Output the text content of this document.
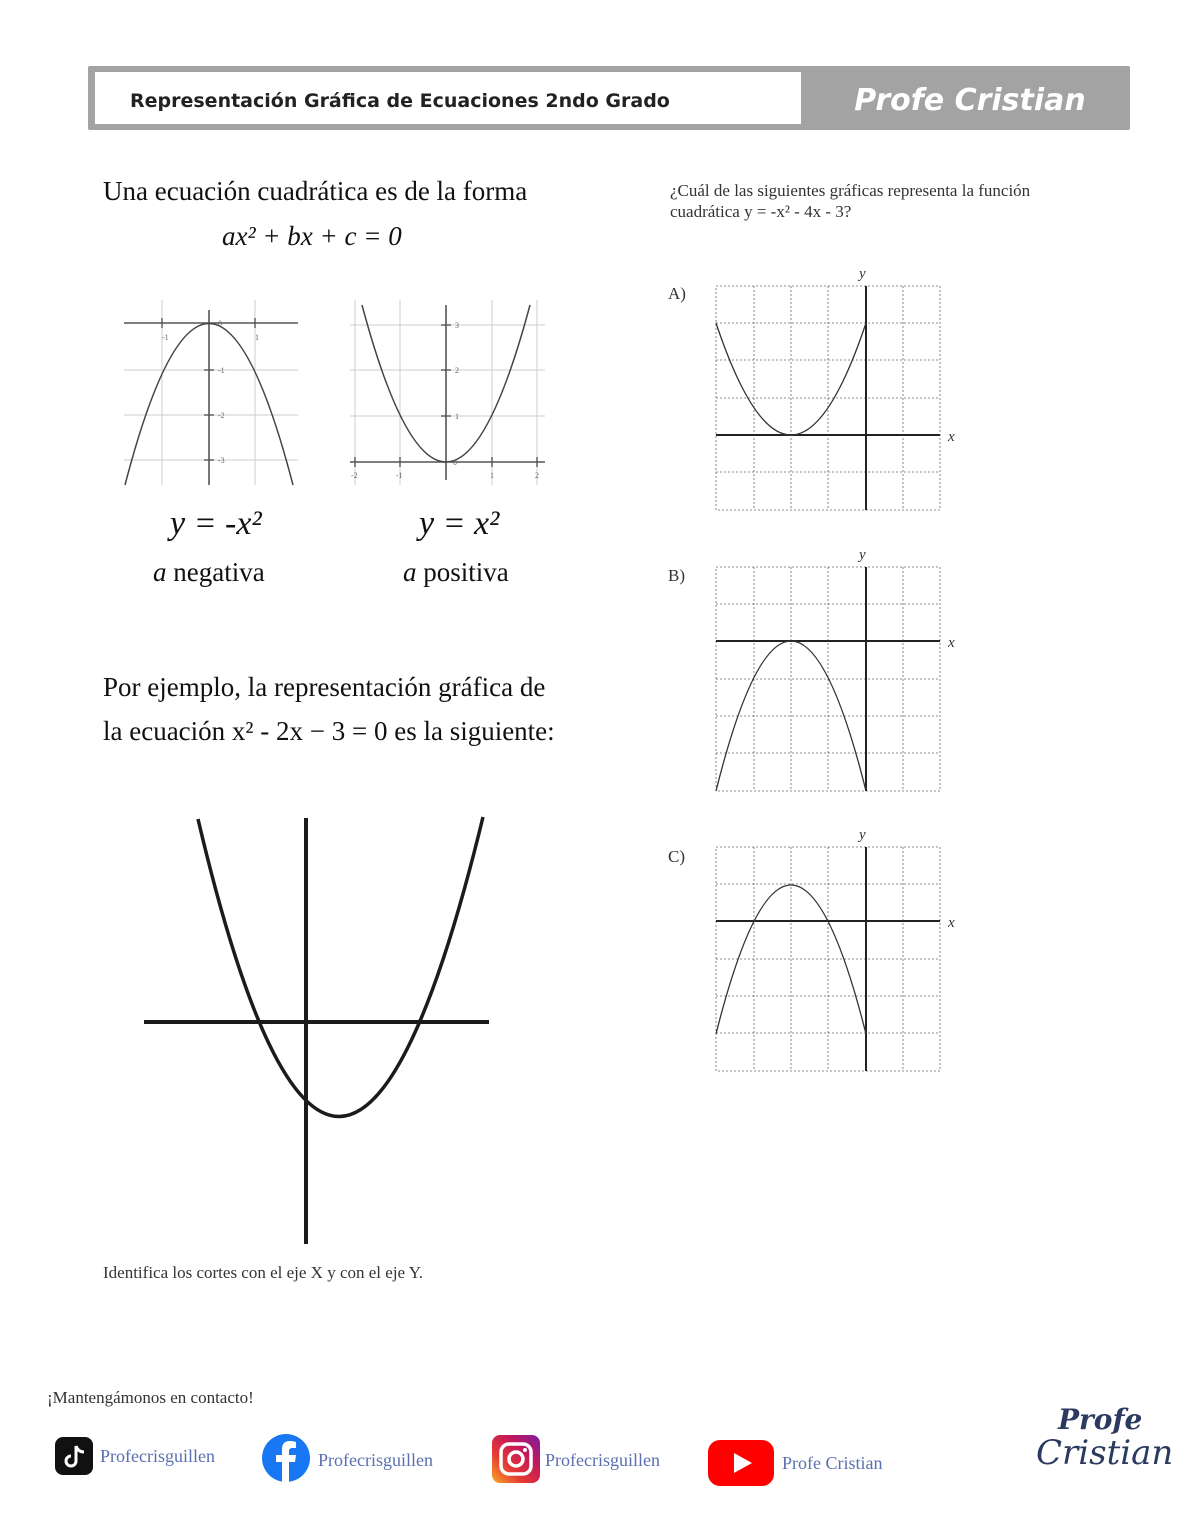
Representación Gráfica de Ecuaciones 2ndo Grado	Profe Cristian
Una ecuación cuadrática es de la forma
ax² + bx + c = 0
-1
0
1
-1
-2
-3
3
2
1
0
-2	-1	1	2
y = -x²
a negativa
y = x²
a positiva
Por ejemplo, la representación gráfica de
la ecuación x² - 2x − 3 = 0 es la siguiente:
Identifica los cortes con el eje X y con el eje Y.
¿Cuál de las siguientes gráficas representa la función
cuadrática y = -x² - 4x - 3?
A)
x
y
B)
x
y
C)
x
y
¡Mantengámonos en contacto!
Profecrisguillen	Profecrisguillen	Profecrisguillen	Profe Cristian
Profe
Cristian
